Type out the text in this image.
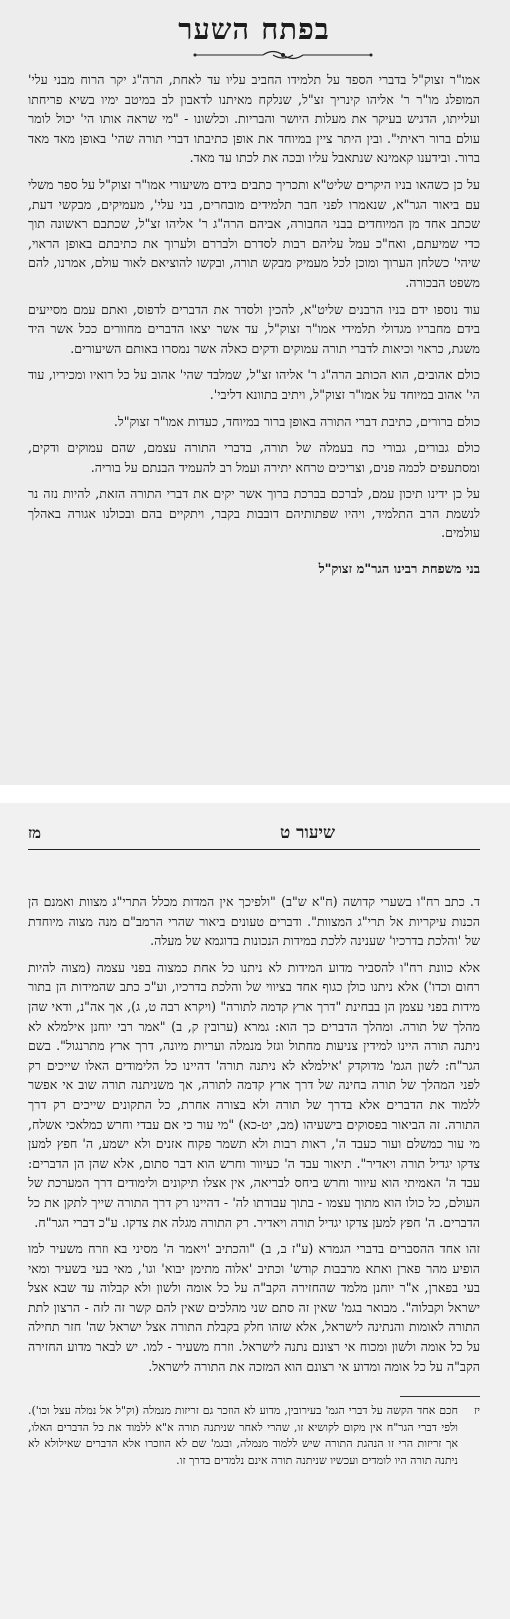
בפתח השער

אמו"ר זצוק"ל בדברי הספד על תלמידו החביב עליו עד לאחת, הרה"ג יקר הרוח מבני עלי' המופלג מו"ר ר' אליהו קינריך זצ"ל, שנלקח מאיתנו לדאבון לב במיטב ימיו בשיא פריחתו ועלייתו, הדגיש בעיקר את מעלות היושר והבריות. וכלשונו - "מי שראה אותו הי' יכול לומר עולם ברור ראיתי". ובין היתר ציין במיוחד את אופן כתיבתו דברי תורה שהי' באופן מאד מאד ברור. ובידענו קאמינא שנתאבל עליו ובכה את לכתו עד מאד.

על כן כשהאו בניו היקרים שליט"א ותכריך כתבים בידם משיעורי אמו"ר זצוק"ל על ספר משלי עם ביאור הגר"א, שנאמרו לפני חבר תלמידים מובחרים, בני עלי', מעמיקים, מבקשי דעת, שכתב אחד מן המיוחדים בבני החבורה, אביהם הרה"ג ר' אליהו זצ"ל, שכתבם ראשונה תוך כדי שמיעתם, ואח"כ עמל עליהם רבות לסדרם ולבררם ולערוך את כתיבתם באופן הראוי, שיהי' כשלחן הערוך ומוכן לכל מעמיק מבקש תורה, ובקשו להוציאם לאור עולם, אמרנו, להם משפט הבכורה.

עוד נוספו ידם בניו הרבנים שליט"א, להכין ולסדר את הדברים לדפוס, ואתם עמם מסייעים בידם מחבריו מגדולי תלמידי אמו"ר זצוק"ל, עד אשר יצאו הדברים מחוורים ככל אשר היד משגת, כראוי וכיאות לדברי תורה עמוקים ודקים כאלה אשר נמסרו באותם השיעורים.

כולם אהובים, הוא הכותב הרה"ג ר' אליהו זצ"ל, שמלבד שהי' אהוב על כל רואיו ומכיריו, עוד הי' אהוב במיוחד על אמו"ר זצוק"ל, ויתיב בתוונא דליבי'.

כולם ברורים, כתיבת דברי התורה באופן ברור במיוחד, כעדות אמו"ר זצוק"ל.

כולם גבורים, גבורי כח בעמלה של תורה, בדברי התורה עצמם, שהם עמוקים ודקים, ומסתעפים לכמה פנים, וצריכים טרחא יתירה ועמל רב להעמיד הבנתם על בוריה.

על כן ידינו תיכון עמם, לברכם בברכת ברוך אשר יקים את דברי התורה הזאת, להיות נזה נר לנשמת הרב התלמיד, ויהיו שפתותיהם דובבות בקבר, ויתקיים בהם ובכולנו אגורה באהלך עולמים.

בני משפחת רבינו הגר"מ זצוק"ל
שיעור ט
מז

ד. כתב רח"ו בשערי קדושה (ח"א ש"ב) "ולפיכך אין המדות מכלל התרי"ג מצוות ואמנם הן הכנות עיקריות אל תרי"ג המצוות". ודברים טעונים ביאור שהרי הרמב"ם מנה מצוה מיוחדת של 'והלכת בדרכיו' שענינה ללכת במידות הנכונות בדוגמא של מעלה.

אלא כוונת רח"ו להסביר מדוע המידות לא ניתנו כל אחת כמצוה בפני עצמה (מצוה להיות רחום וכדו') אלא ניתנו כולן כגוף אחד בציווי של והלכת בדרכיו, וע"כ כתב שהמידות הן בתור מידות בפני עצמן הן בבחינת "דרך ארץ קדמה לתורה" (ויקרא רבה ט, ג), אך אה"נ, ודאי שהן מהלך של תורה. ומהלך הדברים כך הוא: גמרא (ערובין ק, ב) "אמר רבי יוחנן אילמלא לא ניתנה תורה היינו למידין צניעות מחתול וגזל מנמלה ועריות מיונה, דרך ארץ מתרנגול". בשם הגר"ח: לשון הגמ' מדוקדק 'אילמלא לא ניתנה תורה' דהיינו כל הלימודים האלו שייכים רק לפני המהלך של תורה בחינה של דרך ארץ קדמה לתורה, אך משניתנה תורה שוב אי אפשר ללמוד את הדברים אלא בדרך של תורה ולא בצורה אחרת, כל התקונים שייכים רק דרך התורה. זה הביאור בפסוקים בישעיהו (מב, יט-כא) "מי עור כי אם עבדי וחרש כמלאכי אשלח, מי עור כמשלם ועור כעבד ה', ראות רבות ולא תשמר פקוח אזנים ולא ישמע, ה' חפץ למען צדקו יגדיל תורה ויאדיר". תיאור עבד ה' כעיוור וחרש הוא דבר סתום, אלא שהן הן הדברים: עבד ה' האמיתי הוא עיוור וחרש ביחס לבריאה, אין אצלו תיקונים ולימודים דרך המערכת של העולם, כל כולו הוא מתוך עצמו - בתוך עבודתו לה' - דהיינו רק דרך התורה שייך לתקן את כל הדברים. ה' חפץ למען צדקו יגדיל תורה ויאדיר. רק התורה מגלה את צדקו. ע"כ דברי הגר"ח.

זהו אחד ההסברים בדברי הגמרא (ע"ז ב, ב) "והכתיב 'ויאמר ה' מסיני בא וזרח משעיר למו הופיע מהר פארן ואתא מרבבות קודש' וכתיב 'אלוה מתימן יבוא' וגו', מאי בעי בשעיר ומאי בעי בפארן, א"ר יוחנן מלמד שהחזירה הקב"ה על כל אומה ולשון ולא קבלוה עד שבא אצל ישראל וקבלוה". מבואר בגמ' שאין זה סתם שני מהלכים שאין להם קשר זה לזה - הרצון לתת התורה לאומות והנתינה לישראל, אלא שזהו חלק בקבלת התורה אצל ישראל שה' חזר תחילה על כל אומה ולשון ומכוח אי רצונם נתנה לישראל. וזרח משעיר - למו. יש לבאר מדוע החזירה הקב"ה על כל אומה ומדוע אי רצונם הוא המזכה את התורה לישראל.

יז
חכם אחד הקשה על דברי הגמ' בעירובין, מדוע לא הוזכר גם זריזות מנמלה (וק"ל אל נמלה עצל וכו'). ולפי דברי הגר"ח אין מקום לקושיא זו, שהרי לאחר שניתנה תורה א"א ללמוד את כל הדברים האלו, אך זריזות הרי זו הנהגת התורה שיש ללמוד מנמלה, ובגמ' שם לא הוזכרו אלא הדברים שאילולא לא ניתנה תורה היו לומדים ועכשיו שניתנה תורה אינם נלמדים בדרך זו.
